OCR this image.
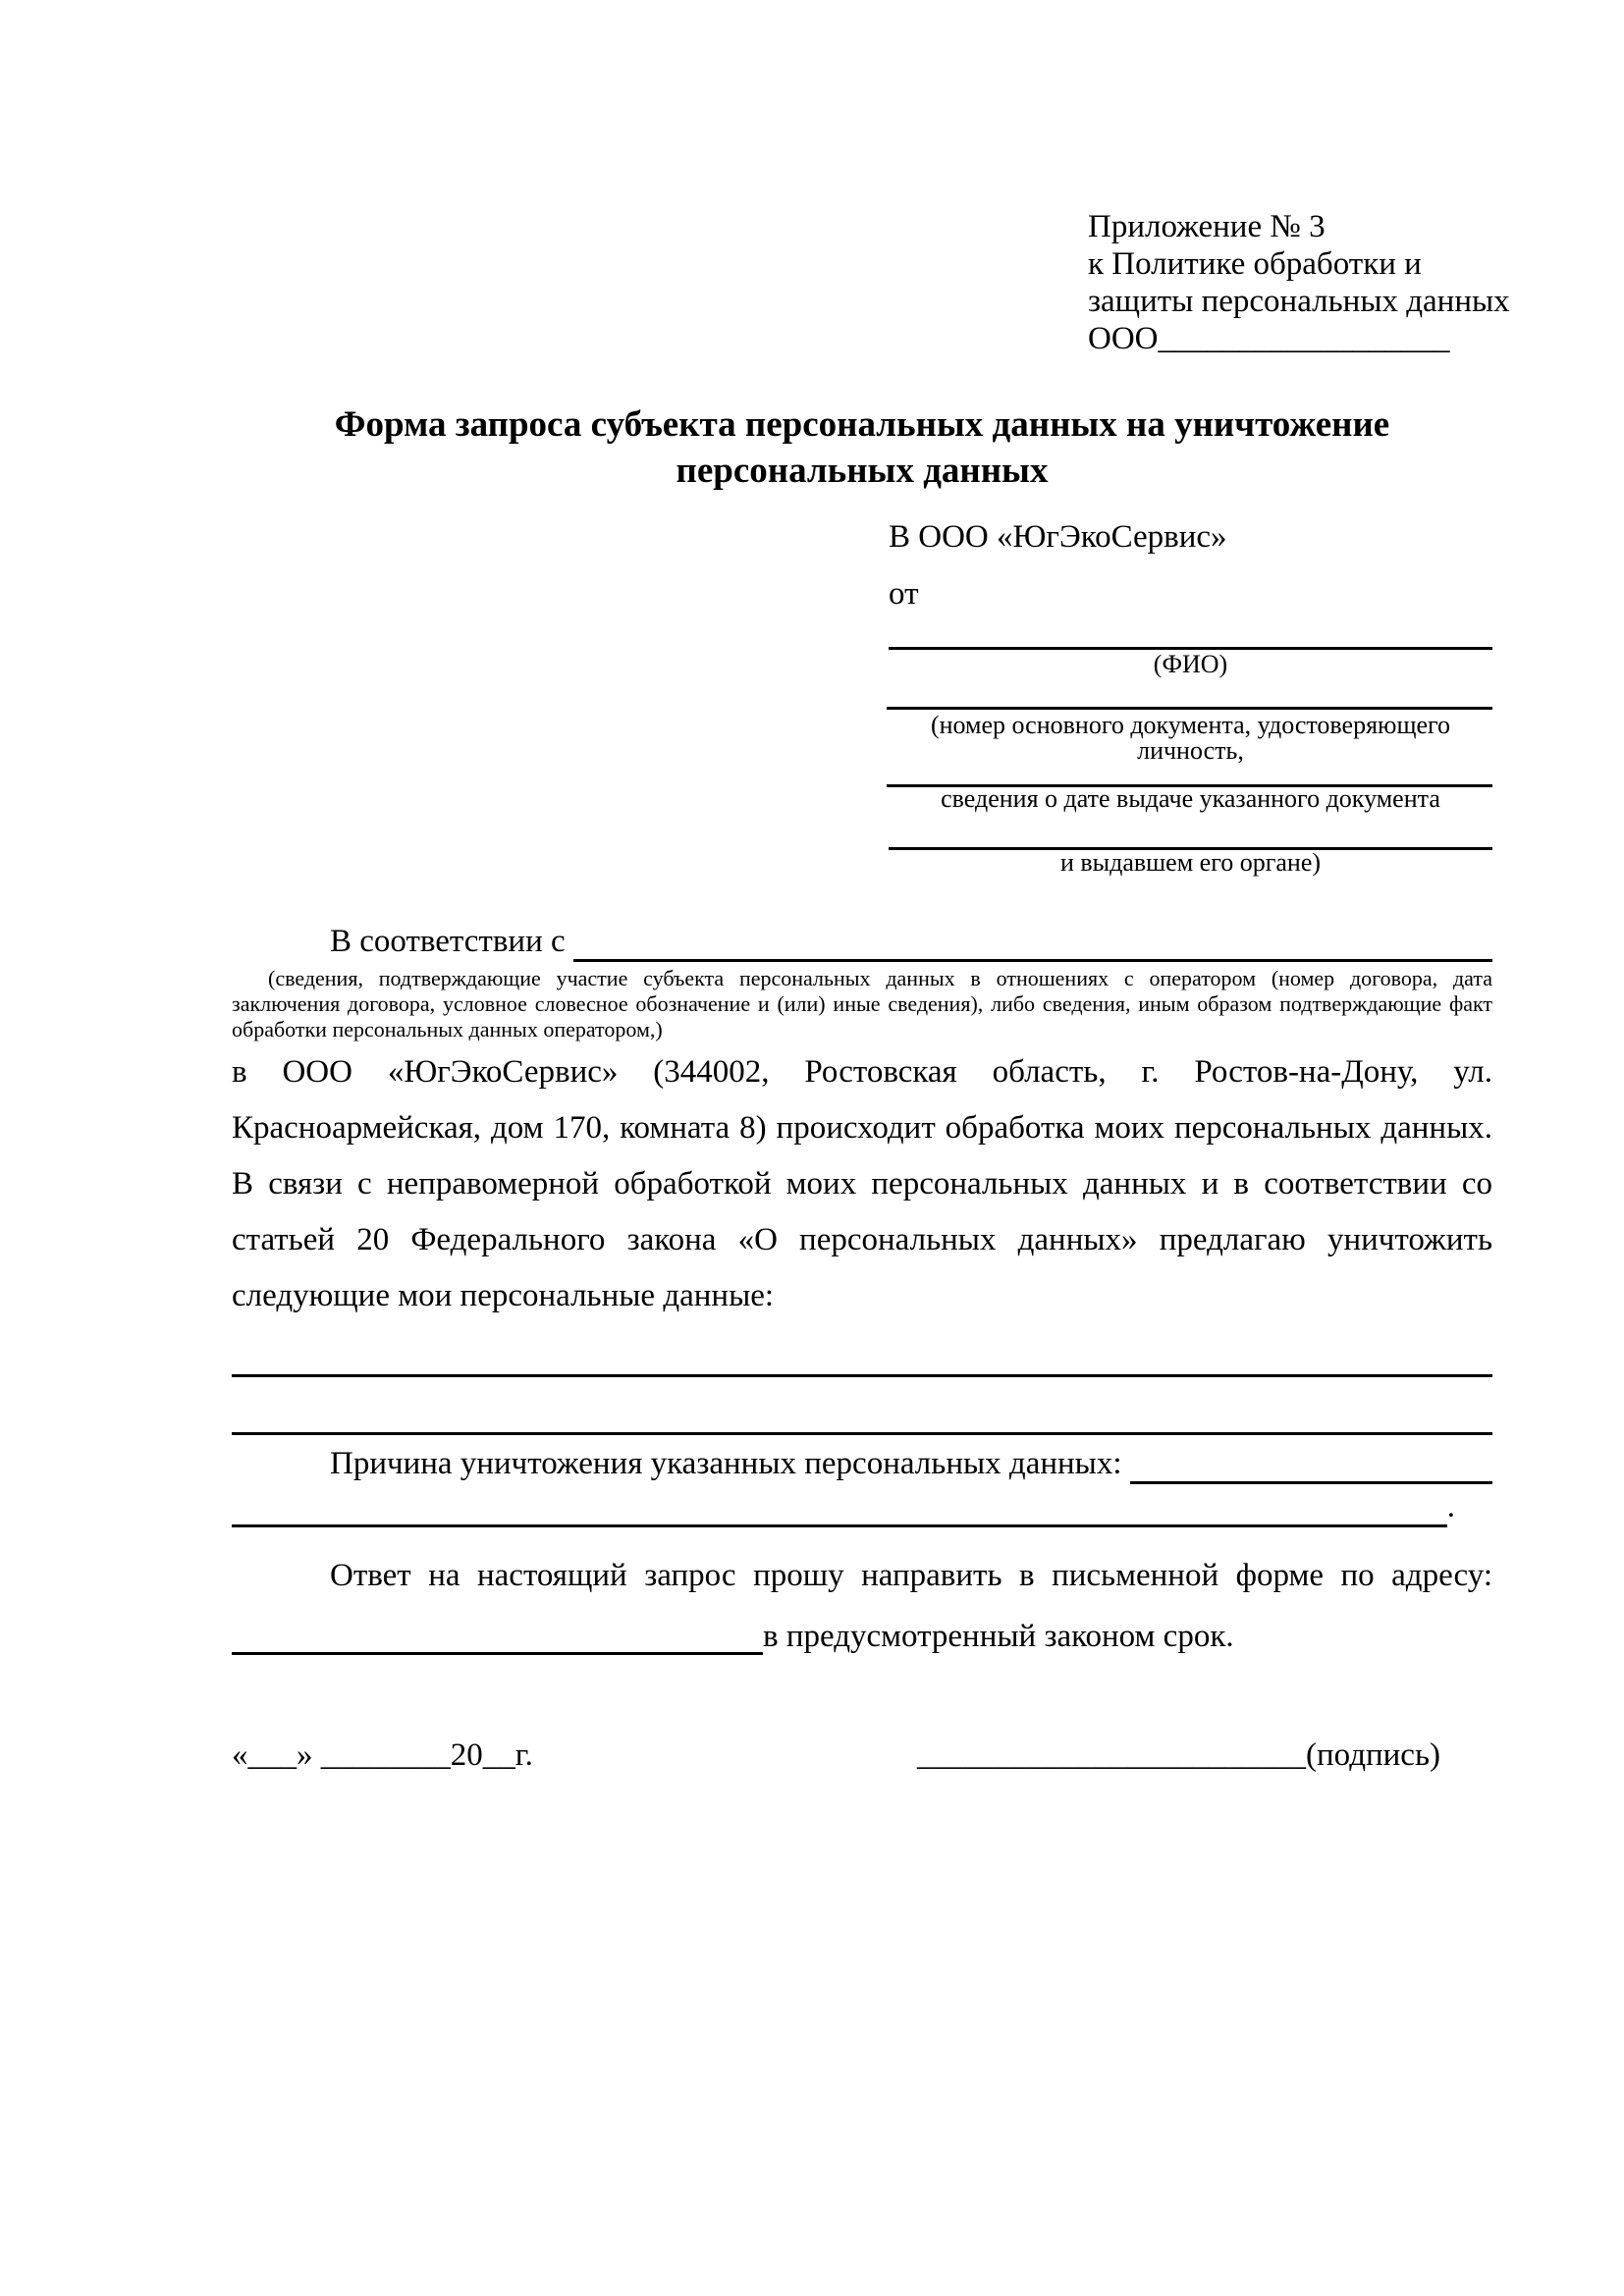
Приложение № 3
к Политике обработки и
защиты персональных данных
ООО__________________
Форма запроса субъекта персональных данных на уничтожение
персональных данных
В ООО «ЮгЭкоСервис»
от
(ФИО)
(номер основного документа, удостоверяющего личность,
сведения о дате выдаче указанного документа
и выдавшем его органе)
В соответствии с

(сведения, подтверждающие участие субъекта персональных данных в отношениях с оператором (номер договора, дата
заключения договора, условное словесное обозначение и (или) иные сведения), либо сведения, иным образом подтверждающие факт
обработки персональных данных оператором,)
в ООО «ЮгЭкоСервис» (344002, Ростовская область, г. Ростов-на-Дону, ул.
Красноармейская, дом 170, комната 8) происходит обработка моих персональных данных.
В связи с неправомерной обработкой моих персональных данных и в соответствии со
статьей 20 Федерального закона «О персональных данных» предлагаю уничтожить
следующие мои персональные данные:
Причина уничтожения указанных персональных данных:

.
Ответ на настоящий запрос прошу направить в письменной форме по адресу:
в предусмотренный законом срок.
«___» ________20__г.	________________________(подпись)
